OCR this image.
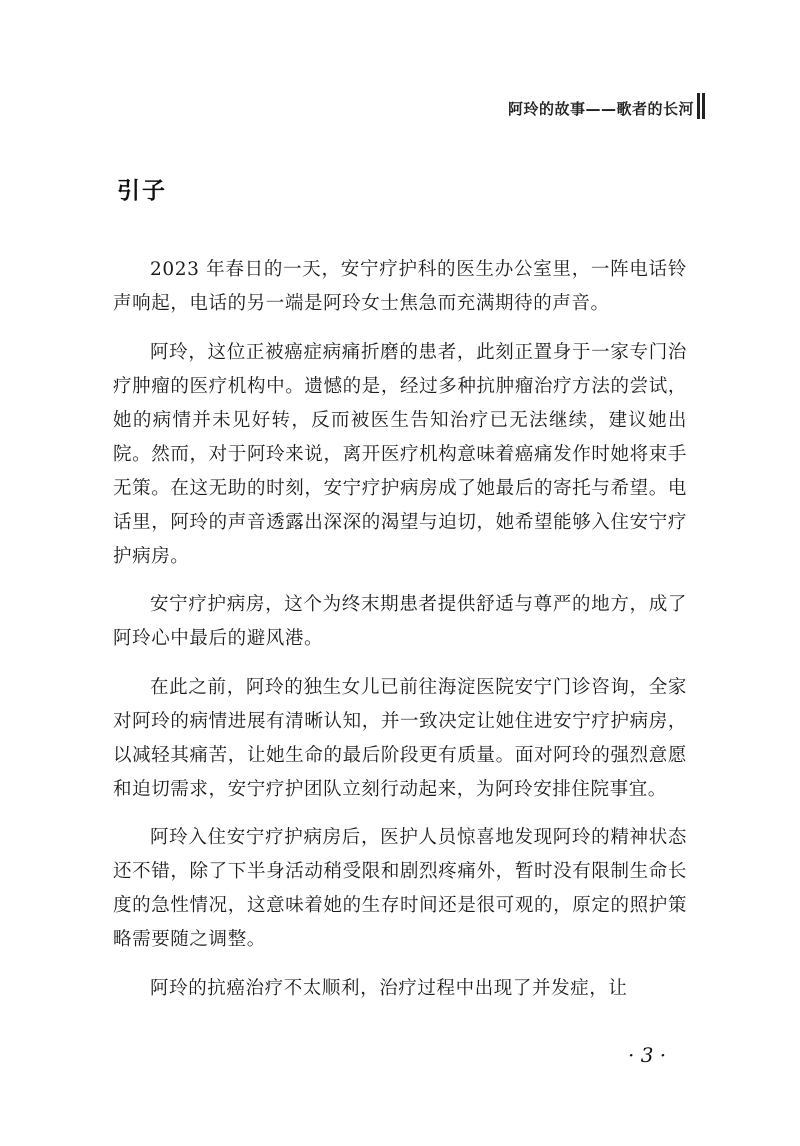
阿玲的故事——歌者的长河
引子

2023 年春日的一天，安宁疗护科的医生办公室里，一阵电话铃声响起，电话的另一端是阿玲女士焦急而充满期待的声音。

阿玲，这位正被癌症病痛折磨的患者，此刻正置身于一家专门治疗肿瘤的医疗机构中。遗憾的是，经过多种抗肿瘤治疗方法的尝试，她的病情并未见好转，反而被医生告知治疗已无法继续，建议她出院。然而，对于阿玲来说，离开医疗机构意味着癌痛发作时她将束手无策。在这无助的时刻，安宁疗护病房成了她最后的寄托与希望。电话里，阿玲的声音透露出深深的渴望与迫切，她希望能够入住安宁疗护病房。

安宁疗护病房，这个为终末期患者提供舒适与尊严的地方，成了阿玲心中最后的避风港。

在此之前，阿玲的独生女儿已前往海淀医院安宁门诊咨询，全家对阿玲的病情进展有清晰认知，并一致决定让她住进安宁疗护病房，以减轻其痛苦，让她生命的最后阶段更有质量。面对阿玲的强烈意愿和迫切需求，安宁疗护团队立刻行动起来，为阿玲安排住院事宜。

阿玲入住安宁疗护病房后，医护人员惊喜地发现阿玲的精神状态还不错，除了下半身活动稍受限和剧烈疼痛外，暂时没有限制生命长度的急性情况，这意味着她的生存时间还是很可观的，原定的照护策略需要随之调整。

阿玲的抗癌治疗不太顺利，治疗过程中出现了并发症，让

· 3 ·
